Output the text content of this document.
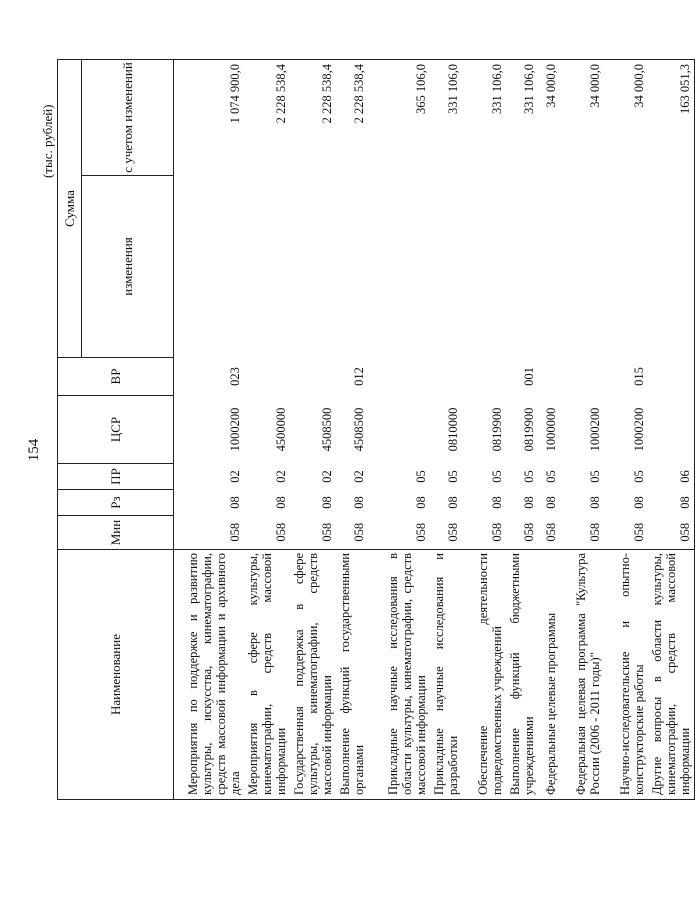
154
(тыс. рублей)
Наименование	Мин	Рз	ПР	ЦСР	ВР	Сумма	
						изменения	с учетом изменений
Мероприятия по поддержке и развитию культуры, искусства, кинематографии, средств массовой информации и архивного дела	058	08	02	1000200	023		1 074 900,0
Мероприятия в сфере культуры, кинематографии, средств массовой информации	058	08	02	4500000			2 228 538,4
Государственная поддержка в сфере культуры, кинематографии, средств массовой информации	058	08	02	4508500			2 228 538,4
Выполнение функций государственными органами	058	08	02	4508500	012		2 228 538,4
Прикладные научные исследования в области культуры, кинематографии, средств массовой информации	058	08	05				365 106,0
Прикладные научные исследования и разработки	058	08	05	0810000			331 106,0
Обеспечение деятельности подведомственных учреждений	058	08	05	0819900			331 106,0
Выполнение функций бюджетными учреждениями	058	08	05	0819900	001		331 106,0
Федеральные целевые программы	058	08	05	1000000			34 000,0
Федеральная целевая программа "Культура России (2006 - 2011 годы)"	058	08	05	1000200			34 000,0
Научно-исследовательские и опытно-конструкторские работы	058	08	05	1000200	015		34 000,0
Другие вопросы в области культуры, кинематографии, средств массовой информации	058	08	06				163 051,3
